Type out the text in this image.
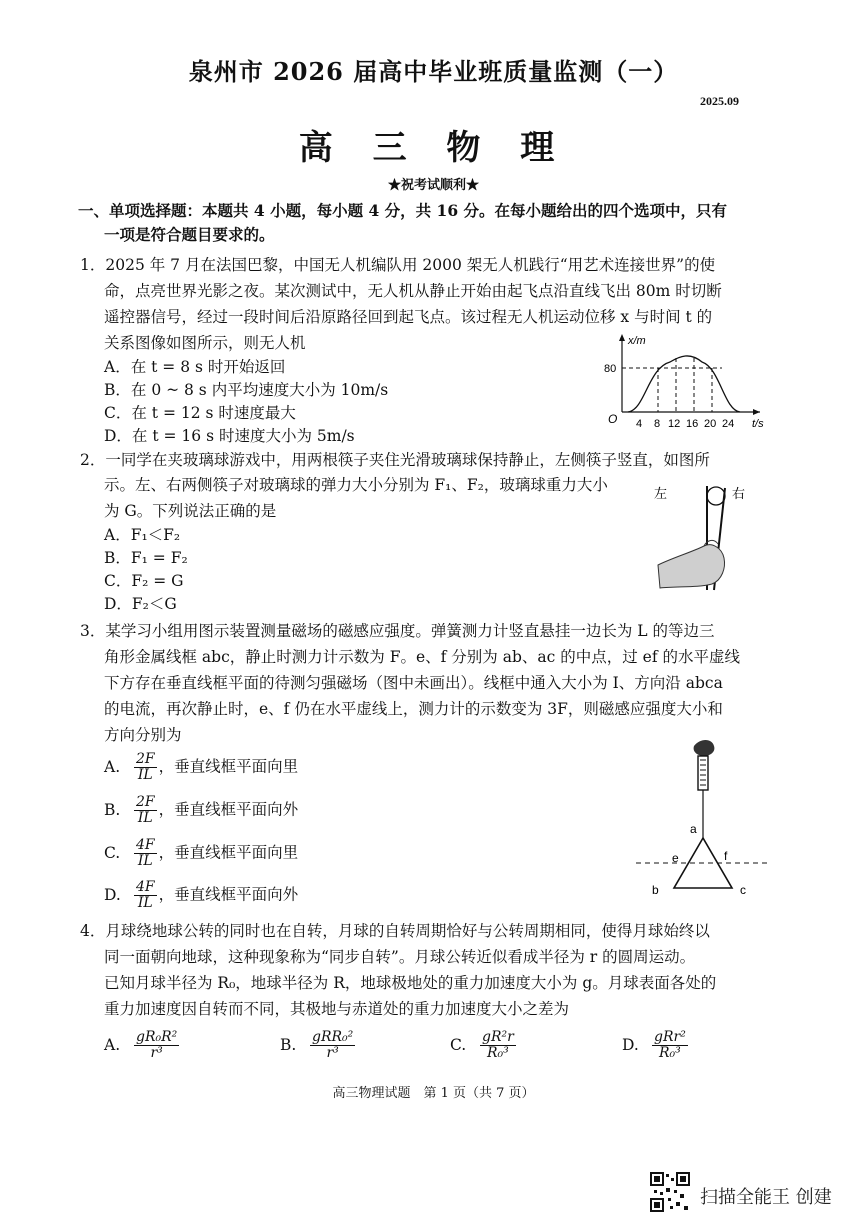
泉州市 2026 届高中毕业班质量监测（一）
2025.09
高 三 物 理
★祝考试顺利★
一、单项选择题：本题共 4 小题，每小题 4 分，共 16 分。在每小题给出的四个选项中，只有
一项是符合题目要求的。
1．2025 年 7 月在法国巴黎，中国无人机编队用 2000 架无人机践行“用艺术连接世界”的使
命，点亮世界光影之夜。某次测试中，无人机从静止开始由起飞点沿直线飞出 80m 时切断
遥控器信号，经过一段时间后沿原路径回到起飞点。该过程无人机运动位移 x 与时间 t 的
关系图像如图所示，则无人机
A．在 t = 8 s 时开始返回
B．在 0 ~ 8 s 内平均速度大小为 10m/s
C．在 t = 12 s 时速度最大
D．在 t = 16 s 时速度大小为 5m/s
x/m
t/s
O
80
4 8 12 16 20 24
2．一同学在夹玻璃球游戏中，用两根筷子夹住光滑玻璃球保持静止，左侧筷子竖直，如图所
示。左、右两侧筷子对玻璃球的弹力大小分别为 F₁、F₂，玻璃球重力大小
为 G。下列说法正确的是
A．F₁＜F₂
B．F₁ = F₂
C．F₂ = G
D．F₂＜G
左	右
3．某学习小组用图示装置测量磁场的磁感应强度。弹簧测力计竖直悬挂一边长为 L 的等边三
角形金属线框 abc，静止时测力计示数为 F。e、f 分别为 ab、ac 的中点，过 ef 的水平虚线
下方存在垂直线框平面的待测匀强磁场（图中未画出）。线框中通入大小为 I、方向沿 abca
的电流，再次静止时，e、f 仍在水平虚线上，测力计的示数变为 3F，则磁感应强度大小和
方向分别为
A. $\frac{2F}{IL}$ ，垂直线框平面向里
B. $\frac{2F}{IL}$ ，垂直线框平面向外
C. $\frac{4F}{IL}$ ，垂直线框平面向里
D. $\frac{4F}{IL}$ ，垂直线框平面向外
a
e	f
b	c
4．月球绕地球公转的同时也在自转，月球的自转周期恰好与公转周期相同，使得月球始终以
同一面朝向地球，这种现象称为“同步自转”。月球公转近似看成半径为 r 的圆周运动。
已知月球半径为 R₀，地球半径为 R，地球极地处的重力加速度大小为 g。月球表面各处的
重力加速度因自转而不同，其极地与赤道处的重力加速度大小之差为
A. $\frac{\text{gR₀R²}}{\text{r³}}$	B. $\frac{\text{gRR₀²}}{\text{r³}}$	C. $\frac{\text{gR²r}}{\text{R₀³}}$	D. $\frac{\text{gRr²}}{\text{R₀³}}$
高三物理试题　第 1 页（共 7 页）
扫描全能王 创建
